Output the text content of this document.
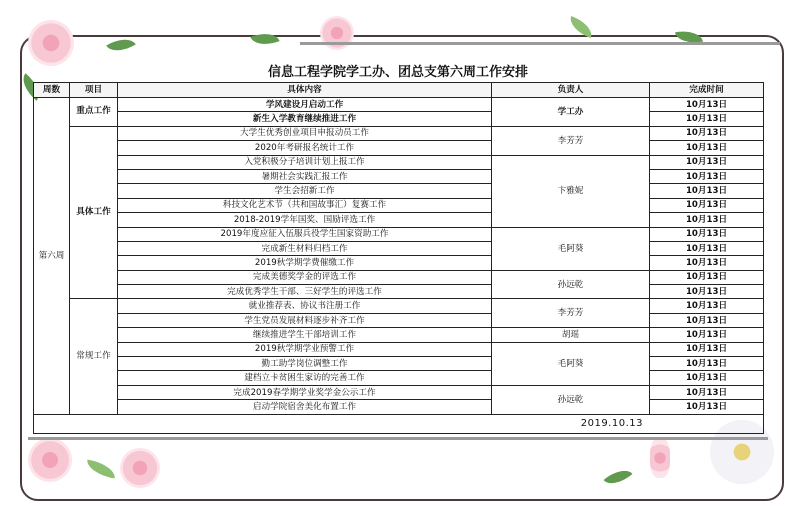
信息工程学院学工办、团总支第六周工作安排
周数	项目	具体内容	负责人	完成时间
第六周	重点工作	学风建设月启动工作	学工办	10月13日
		新生入学教育继续推进工作		10月13日
	具体工作	大学生优秀创业项目申报动员工作	李芳芳	10月13日
		2020年考研报名统计工作		10月13日
		入党积极分子培训计划上报工作	卞雅妮	10月13日
		暑期社会实践汇报工作		10月13日
		学生会招新工作		10月13日
		科技文化艺术节（共和国故事汇）复赛工作		10月13日
		2018-2019学年国奖、国励评选工作		10月13日
		2019年度应征入伍服兵役学生国家资助工作	毛阿葵	10月13日
		完成新生材料归档工作		10月13日
		2019秋学期学费催缴工作		10月13日
		完成美德奖学金的评选工作	孙远乾	10月13日
		完成优秀学生干部、三好学生的评选工作		10月13日
	常规工作	就业推荐表、协议书注册工作	李芳芳	10月13日
		学生党员发展材料逐步补齐工作		10月13日
		继续推进学生干部培训工作	胡瑶	10月13日
		2019秋学期学业预警工作	毛阿葵	10月13日
		勤工助学岗位调整工作		10月13日
		建档立卡贫困生家访的完善工作		10月13日
		完成2019春学期学业奖学金公示工作	孙远乾	10月13日
		启动学院宿舍美化布置工作		10月13日
2019.10.13				
